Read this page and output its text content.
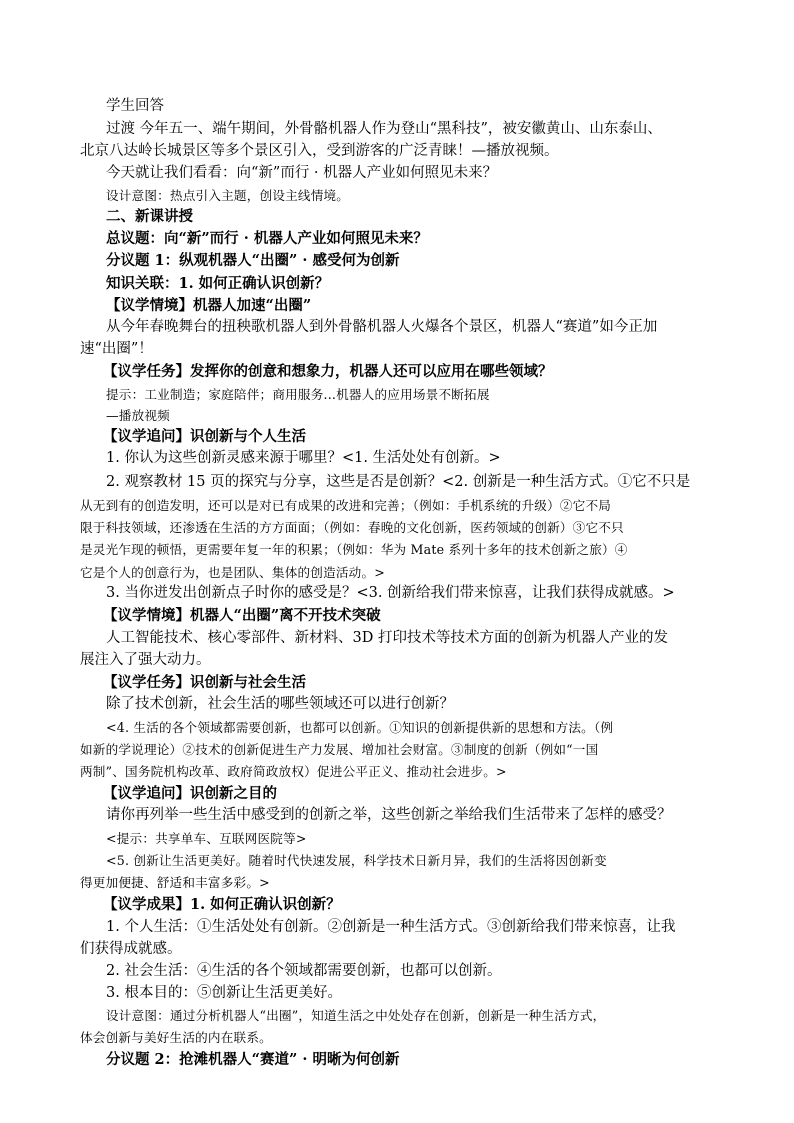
学生回答
过渡 今年五一、端午期间，外骨骼机器人作为登山“黑科技”，被安徽黄山、山东泰山、
北京八达岭长城景区等多个景区引入，受到游客的广泛青睐！—播放视频。
今天就让我们看看：向“新”而行 · 机器人产业如何照见未来？
设计意图：热点引入主题，创设主线情境。
二、新课讲授
总议题：向“新”而行 · 机器人产业如何照见未来？
分议题 1：纵观机器人“出圈” · 感受何为创新
知识关联：1. 如何正确认识创新？
【议学情境】机器人加速“出圈”
从今年春晚舞台的扭秧歌机器人到外骨骼机器人火爆各个景区，机器人“赛道”如今正加
速“出圈”！
【议学任务】发挥你的创意和想象力，机器人还可以应用在哪些领域？
提示：工业制造；家庭陪伴；商用服务...机器人的应用场景不断拓展
—播放视频
【议学追问】识创新与个人生活
1. 你认为这些创新灵感来源于哪里？<1. 生活处处有创新。>
2. 观察教材 15 页的探究与分享，这些是否是创新？<2. 创新是一种生活方式。①它不只是
从无到有的创造发明，还可以是对已有成果的改进和完善；（例如：手机系统的升级）②它不局
限于科技领域，还渗透在生活的方方面面；（例如：春晚的文化创新，医药领域的创新）③它不只
是灵光乍现的顿悟，更需要年复一年的积累；（例如：华为 Mate 系列十多年的技术创新之旅）④
它是个人的创意行为，也是团队、集体的创造活动。>
3. 当你迸发出创新点子时你的感受是？<3. 创新给我们带来惊喜，让我们获得成就感。>
【议学情境】机器人“出圈”离不开技术突破
人工智能技术、核心零部件、新材料、3D 打印技术等技术方面的创新为机器人产业的发
展注入了强大动力。
【议学任务】识创新与社会生活
除了技术创新，社会生活的哪些领域还可以进行创新？
<4. 生活的各个领域都需要创新，也都可以创新。①知识的创新提供新的思想和方法。（例
如新的学说理论）②技术的创新促进生产力发展、增加社会财富。③制度的创新（例如“一国
两制”、国务院机构改革、政府简政放权）促进公平正义、推动社会进步。>
【议学追问】识创新之目的
请你再列举一些生活中感受到的创新之举，这些创新之举给我们生活带来了怎样的感受？
<提示：共享单车、互联网医院等>
<5. 创新让生活更美好。随着时代快速发展，科学技术日新月异，我们的生活将因创新变
得更加便捷、舒适和丰富多彩。>
【议学成果】1. 如何正确认识创新？
1. 个人生活：①生活处处有创新。②创新是一种生活方式。③创新给我们带来惊喜，让我
们获得成就感。
2. 社会生活：④生活的各个领域都需要创新，也都可以创新。
3. 根本目的：⑤创新让生活更美好。
设计意图：通过分析机器人“出圈”，知道生活之中处处存在创新，创新是一种生活方式，
体会创新与美好生活的内在联系。
分议题 2：抢滩机器人“赛道” · 明晰为何创新
